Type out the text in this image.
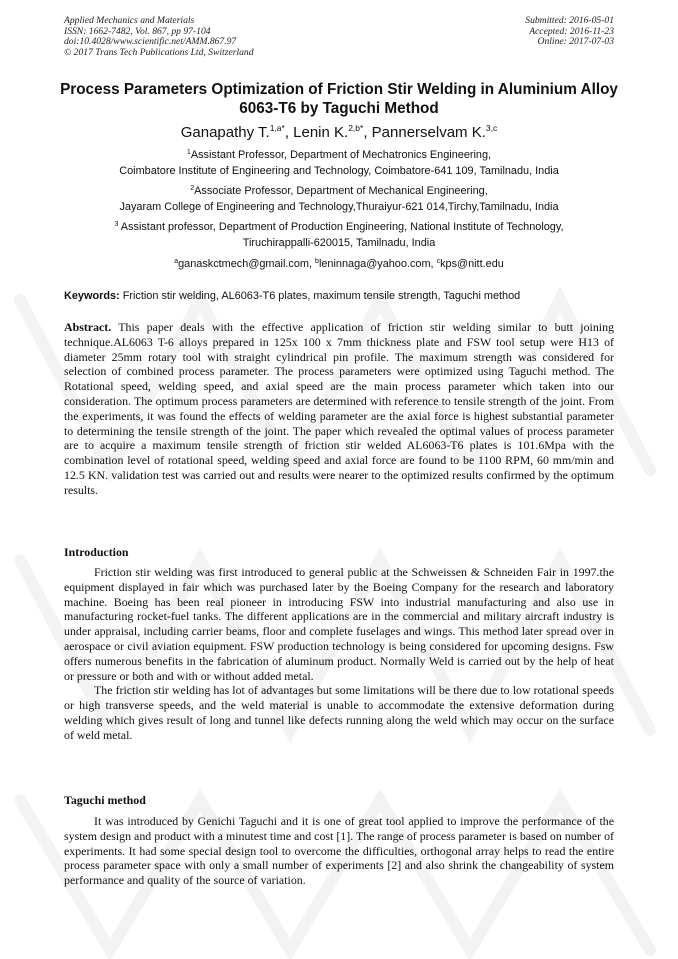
Applied Mechanics and Materials
ISSN: 1662-7482, Vol. 867, pp 97-104
doi:10.4028/www.scientific.net/AMM.867.97
© 2017 Trans Tech Publications Ltd, Switzerland
Submitted: 2016-05-01
Accepted: 2016-11-23
Online: 2017-07-03
Process Parameters Optimization of Friction Stir Welding in Aluminium Alloy 6063-T6 by Taguchi Method
Ganapathy T.$^{1,a*}$, Lenin K.$^{2,b*}$, Pannerselvam K.$^{3,c}$
$^1$Assistant Professor, Department of Mechatronics Engineering,
Coimbatore Institute of Engineering and Technology, Coimbatore-641 109, Tamilnadu, India
$^2$Associate Professor, Department of Mechanical Engineering,
Jayaram College of Engineering and Technology,Thuraiyur-621 014,Tirchy,Tamilnadu, India
$^3$ Assistant professor, Department of Production Engineering, National Institute of Technology,
Tiruchirappalli-620015, Tamilnadu, India
$^a$ganaskctmech@gmail.com, $^b$leninnaga@yahoo.com, $^c$kps@nitt.edu
Keywords: Friction stir welding, AL6063-T6 plates, maximum tensile strength, Taguchi method

Abstract. This paper deals with the effective application of friction stir welding similar to butt joining technique.AL6063 T-6 alloys prepared in 125x 100 x 7mm thickness plate and FSW tool setup were H13 of diameter 25mm rotary tool with straight cylindrical pin profile. The maximum strength was considered for selection of combined process parameter. The process parameters were optimized using Taguchi method. The Rotational speed, welding speed, and axial speed are the main process parameter which taken into our consideration. The optimum process parameters are determined with reference to tensile strength of the joint. From the experiments, it was found the effects of welding parameter are the axial force is highest substantial parameter to determining the tensile strength of the joint. The paper which revealed the optimal values of process parameter are to acquire a maximum tensile strength of friction stir welded AL6063-T6 plates is 101.6Mpa with the combination level of rotational speed, welding speed and axial force are found to be 1100 RPM, 60 mm/min and 12.5 KN. validation test was carried out and results were nearer to the optimized results confirmed by the optimum results.

Introduction

Friction stir welding was first introduced to general public at the Schweissen & Schneiden Fair in 1997.the equipment displayed in fair which was purchased later by the Boeing Company for the research and laboratory machine. Boeing has been real pioneer in introducing FSW into industrial manufacturing and also use in manufacturing rocket-fuel tanks. The different applications are in the commercial and military aircraft industry is under appraisal, including carrier beams, floor and complete fuselages and wings. This method later spread over in aerospace or civil aviation equipment. FSW production technology is being considered for upcoming designs. Fsw offers numerous benefits in the fabrication of aluminum product. Normally Weld is carried out by the help of heat or pressure or both and with or without added metal.

The friction stir welding has lot of advantages but some limitations will be there due to low rotational speeds or high transverse speeds, and the weld material is unable to accommodate the extensive deformation during welding which gives result of long and tunnel like defects running along the weld which may occur on the surface of weld metal.

Taguchi method

It was introduced by Genichi Taguchi and it is one of great tool applied to improve the performance of the system design and product with a minutest time and cost [1]. The range of process parameter is based on number of experiments. It had some special design tool to overcome the difficulties, orthogonal array helps to read the entire process parameter space with only a small number of experiments [2] and also shrink the changeability of system performance and quality of the source of variation.
